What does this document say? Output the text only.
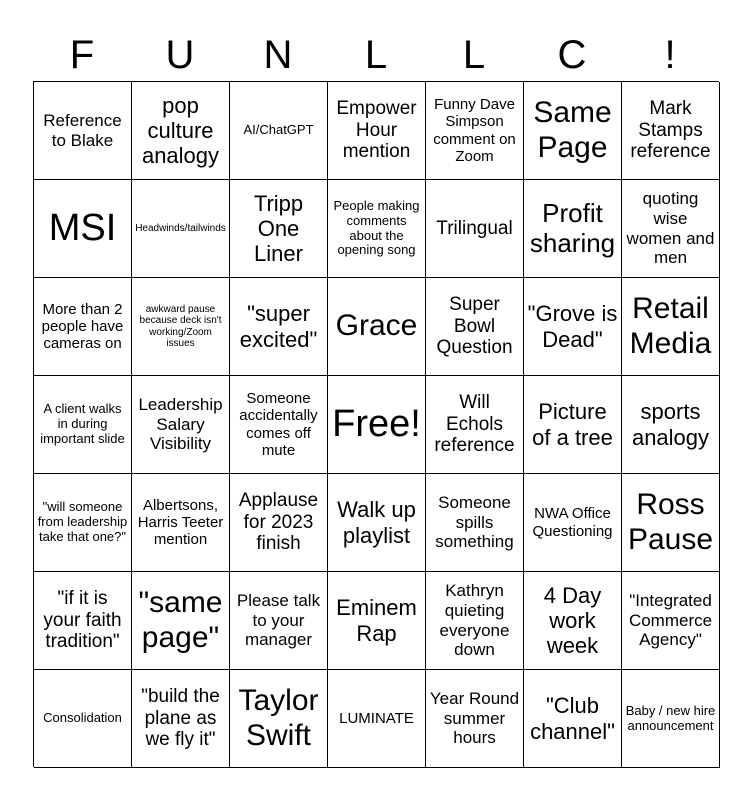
F	U	N	L	L	C	!
Reference to Blake
pop culture analogy
AI/ChatGPT
Empower Hour mention
Funny Dave Simpson comment on Zoom
Same Page
Mark Stamps reference
MSI	Headwinds/tailwinds
Tripp One Liner
People making comments about the opening song
Trilingual
Profit sharing
quoting wise women and men
More than 2 people have cameras on
awkward pause because deck isn't working/Zoom issues
"super excited" Grace
Super Bowl Question
"Grove is Dead"
Retail Media
A client walks in during important slide
Leadership Salary Visibility
Someone accidentally comes off mute
Free!
Will Echols reference
Picture of a tree
sports analogy
"will someone from leadership take that one?"
Albertsons, Harris Teeter mention
Applause for 2023 finish
Walk up playlist
Someone spills something
NWA Office Questioning
Ross Pause
"if it is your faith tradition"
"same page"
Please talk to your manager
Eminem Rap
Kathryn quieting everyone down
4 Day work week
"Integrated Commerce Agency"
Consolidation
"build the plane as we fly it"
Taylor Swift
LUMINATE
Year Round summer hours
"Club channel"
Baby / new hire announcement
